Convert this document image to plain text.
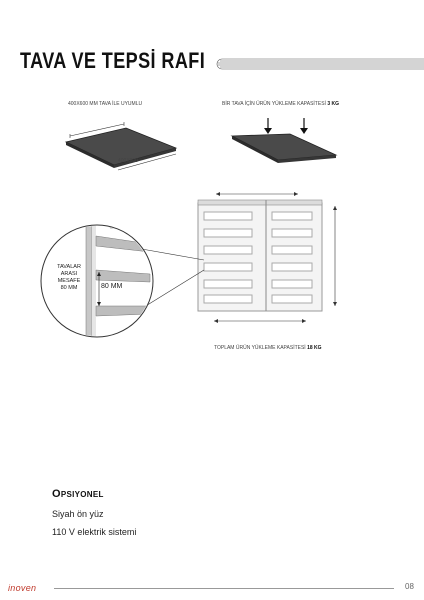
TAVA VE TEPSİ RAFI
400X600 MM TAVA İLE UYUMLU	BİR TAVA İÇİN ÜRÜN YÜKLEME KAPASİTESİ 3 KG
400X600
TAVALAR
ARASI
MESAFE
80 MM	80 MM
TOPLAM ÜRÜN YÜKLEME KAPASİTESİ 18 KG
Opsiyonel
Siyah ön yüz
110 V elektrik sistemi
inoven	08
